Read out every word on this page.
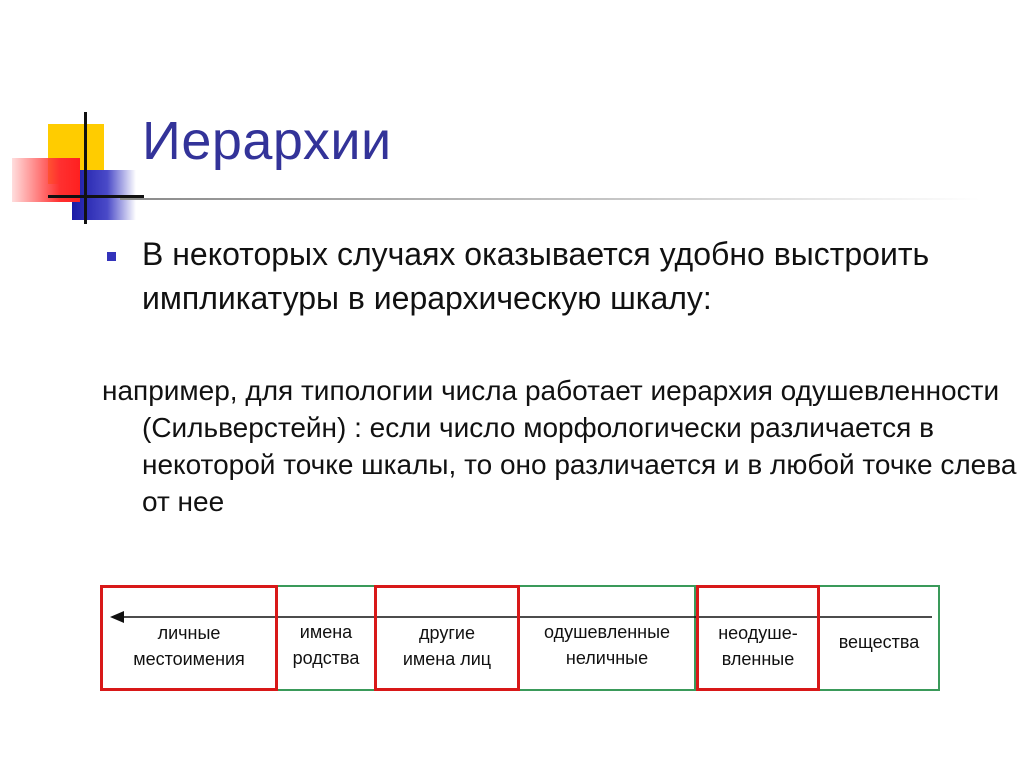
Иерархии

В некоторых случаях оказывается удобно выстроить импликатуры в иерархическую шкалу:

например, для типологии числа работает иерархия одушевленности (Сильверстейн) : если число морфологически различается в некоторой точке шкалы, то оно различается и в любой точке слева от нее

личные
местоимения
имена
родства
другие
имена лиц
одушевленные
неличные
неодуше-
вленные
вещества
